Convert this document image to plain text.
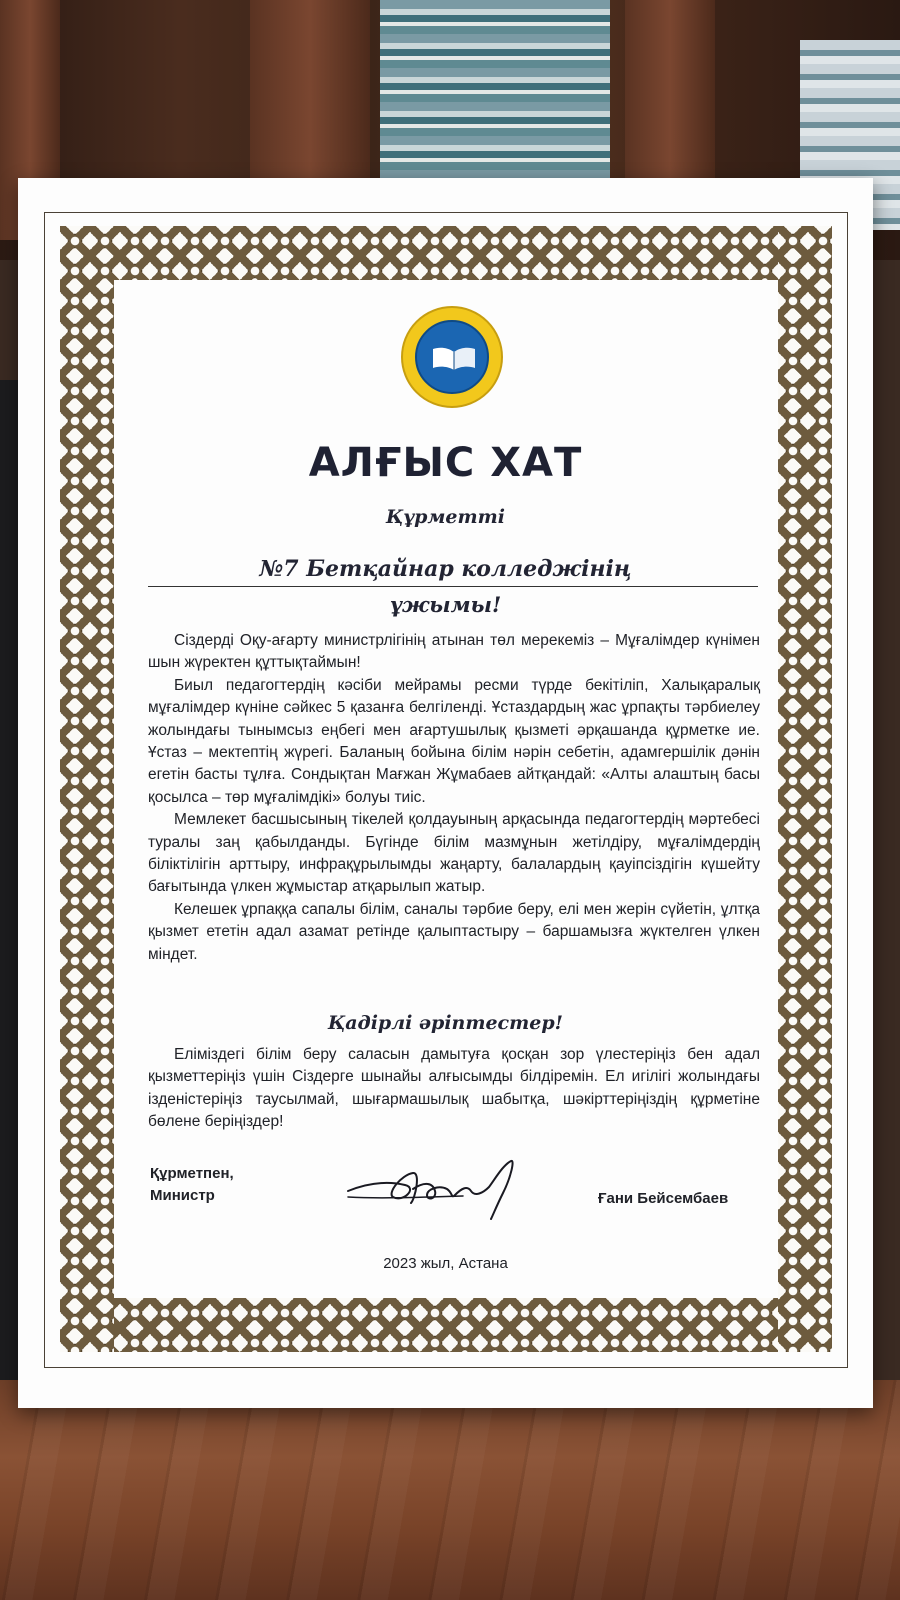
АЛҒЫС ХАТ
Құрметті
№7 Бетқайнар колледжінің
ұжымы!

Сіздерді Оқу-ағарту министрлігінің атынан төл мерекеміз – Мұғалімдер күнімен шын жүректен құттықтаймын!

Биыл педагогтердің кәсіби мейрамы ресми түрде бекітіліп, Халықаралық мұғалімдер күніне сәйкес 5 қазанға белгіленді. Ұстаздардың жас ұрпақты тәрбиелеу жолындағы тынымсыз еңбегі мен ағартушылық қызметі әрқашанда құрметке ие. Ұстаз – мектептің жүрегі. Баланың бойына білім нәрін себетін, адамгершілік дәнін егетін басты тұлға. Сондықтан Мағжан Жұмабаев айтқандай: «Алты алаштың басы қосылса – төр мұғалімдікі» болуы тиіс.

Мемлекет басшысының тікелей қолдауының арқасында педагогтердің мәртебесі туралы заң қабылданды. Бүгінде білім мазмұнын жетілдіру, мұғалімдердің біліктілігін арттыру, инфрақұрылымды жаңарту, балалардың қауіпсіздігін күшейту бағытында үлкен жұмыстар атқарылып жатыр.

Келешек ұрпаққа сапалы білім, саналы тәрбие беру, елі мен жерін сүйетін, ұлтқа қызмет ететін адал азамат ретінде қалыптастыру – баршамызға жүктелген үлкен міндет.

Қадірлі әріптестер!

Еліміздегі білім беру саласын дамытуға қосқан зор үлестеріңіз бен адал қызметтеріңіз үшін Сіздерге шынайы алғысымды білдіремін. Ел игілігі жолындағы ізденістеріңіз таусылмай, шығармашылық шабытқа, шәкірттеріңіздің құрметіне бөлене беріңіздер!

Құрметпен,
Министр	Ғани Бейсембаев
2023 жыл, Астана
